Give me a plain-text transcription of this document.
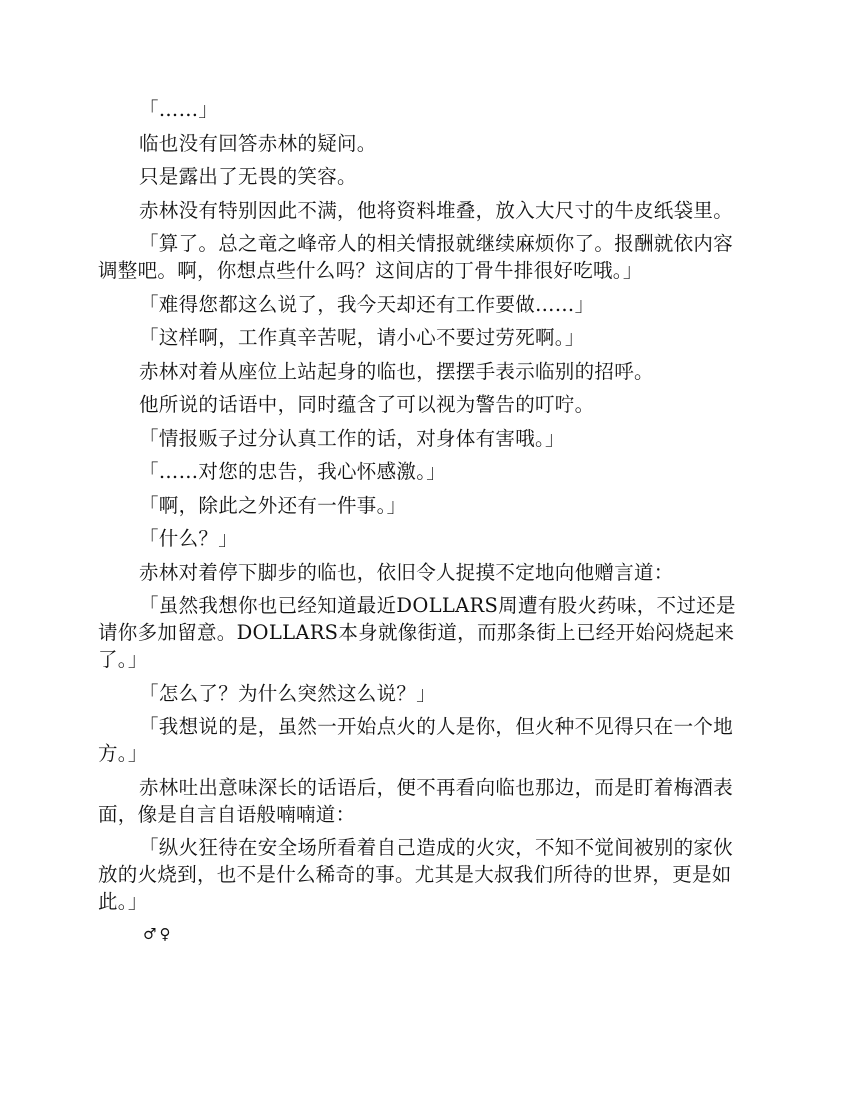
「……」

临也没有回答赤林的疑问。

只是露出了无畏的笑容。

赤林没有特别因此不满，他将资料堆叠，放入大尺寸的牛皮纸袋里。

「算了。总之竜之峰帝人的相关情报就继续麻烦你了。报酬就依内容调整吧。啊，你想点些什么吗？这间店的丁骨牛排很好吃哦。」

「难得您都这么说了，我今天却还有工作要做……」

「这样啊，工作真辛苦呢，请小心不要过劳死啊。」

赤林对着从座位上站起身的临也，摆摆手表示临别的招呼。

他所说的话语中，同时蕴含了可以视为警告的叮咛。

「情报贩子过分认真工作的话，对身体有害哦。」

「……对您的忠告，我心怀感激。」

「啊，除此之外还有一件事。」

「什么？」

赤林对着停下脚步的临也，依旧令人捉摸不定地向他赠言道：

「虽然我想你也已经知道最近DOLLARS周遭有股火药味，不过还是请你多加留意。DOLLARS本身就像街道，而那条街上已经开始闷烧起来了。」

「怎么了？为什么突然这么说？」

「我想说的是，虽然一开始点火的人是你，但火种不见得只在一个地方。」

赤林吐出意味深长的话语后，便不再看向临也那边，而是盯着梅酒表面，像是自言自语般喃喃道：

「纵火狂待在安全场所看着自己造成的火灾，不知不觉间被别的家伙放的火烧到，也不是什么稀奇的事。尤其是大叔我们所待的世界，更是如此。」

♂♀
